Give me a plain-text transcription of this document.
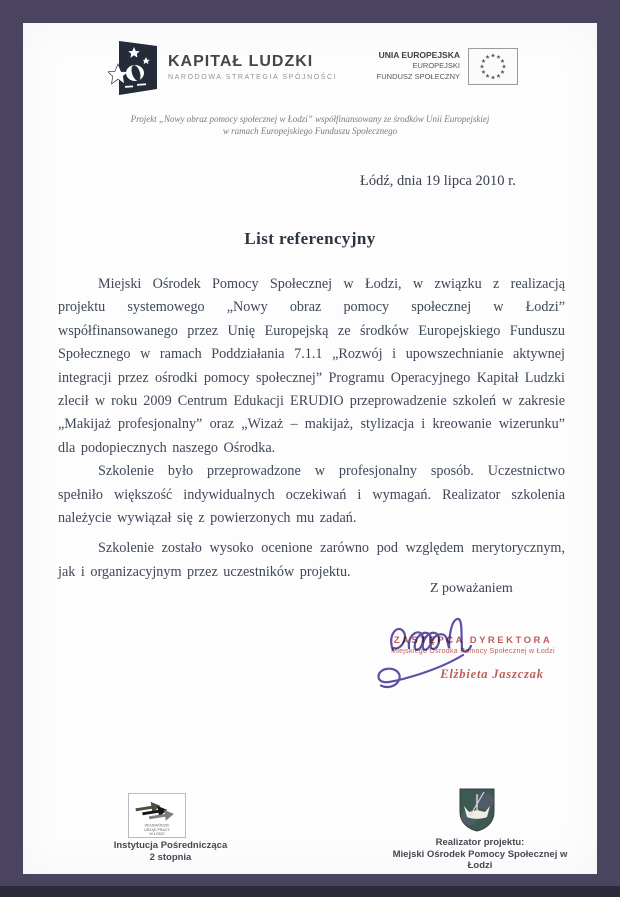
KAPITAŁ LUDZKI
NARODOWA STRATEGIA SPÓJNOŚCI
UNIA EUROPEJSKA
EUROPEJSKI
FUNDUSZ SPOŁECZNY
Projekt „Nowy obraz pomocy społecznej w Łodzi” współfinansowany ze środków Unii Europejskiej
w ramach Europejskiego Funduszu Społecznego
Łódź, dnia 19 lipca 2010 r.
List referencyjny

Miejski Ośrodek Pomocy Społecznej w Łodzi, w związku z realizacją projektu systemowego „Nowy obraz pomocy społecznej w Łodzi” współfinansowanego przez Unię Europejską ze środków Europejskiego Funduszu Społecznego w ramach Poddziałania 7.1.1 „Rozwój i upowszechnianie aktywnej integracji przez ośrodki pomocy społecznej” Programu Operacyjnego Kapitał Ludzki zlecił w roku 2009 Centrum Edukacji ERUDIO przeprowadzenie szkoleń w zakresie „Makijaż profesjonalny” oraz „Wizaż – makijaż, stylizacja i kreowanie wizerunku” dla podopiecznych naszego Ośrodka.

Szkolenie było przeprowadzone w profesjonalny sposób. Uczestnictwo spełniło większość indywidualnych oczekiwań i wymagań. Realizator szkolenia należycie wywiązał się z powierzonych mu zadań.

Szkolenie zostało wysoko ocenione zarówno pod względem merytorycznym, jak i organizacyjnym przez uczestników projektu.

Z poważaniem
ZASTĘPCA DYREKTORA
Miejskiego Ośrodka Pomocy Społecznej w Łodzi
Elżbieta Jaszczak
WOJEWÓDZKI
URZĄD PRACY
W ŁODZI
Instytucja Pośrednicząca
2 stopnia
Realizator projektu:
Miejski Ośrodek Pomocy Społecznej w Łodzi
